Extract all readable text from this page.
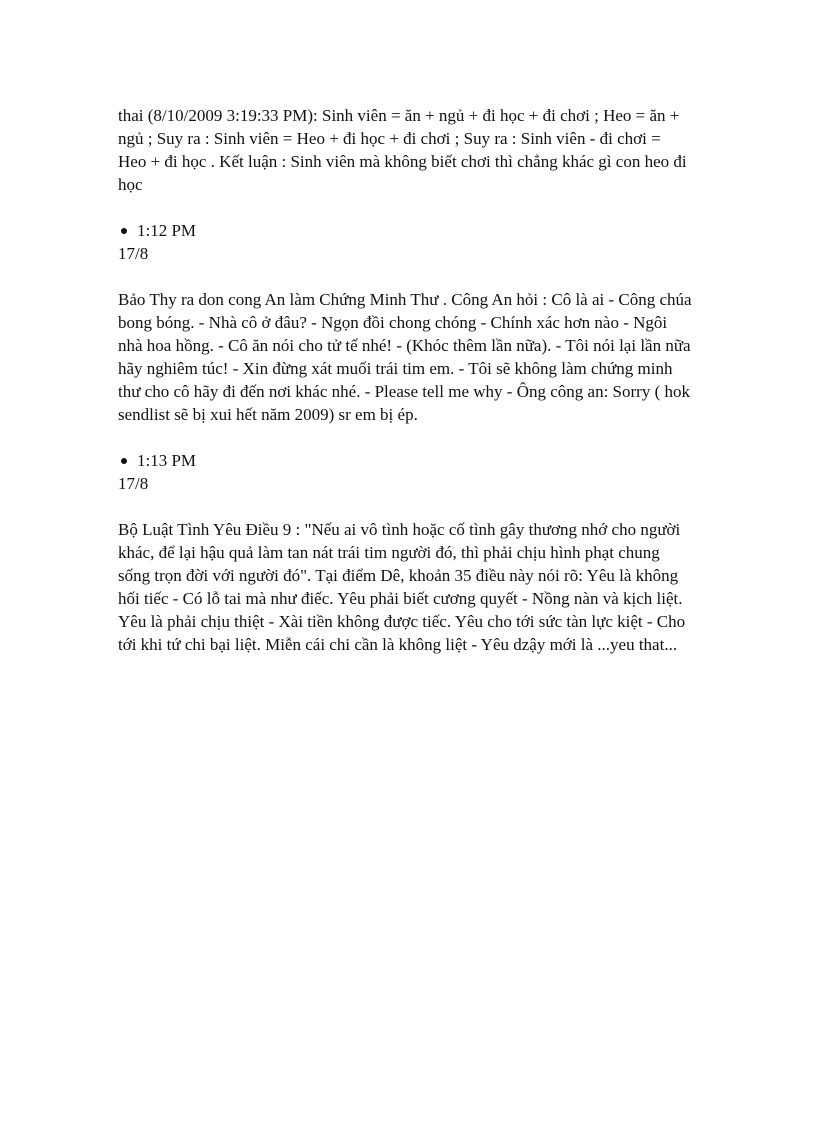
thai (8/10/2009 3:19:33 PM): Sinh viên = ăn + ngủ + đi học + đi chơi ; Heo = ăn + ngủ ; Suy ra : Sinh viên = Heo + đi học + đi chơi ; Suy ra : Sinh viên - đi chơi = Heo + đi học . Kết luận : Sinh viên mà không biết chơi thì chẳng khác gì con heo đi học

1:12 PM

17/8

Bảo Thy ra don cong An làm Chứng Minh Thư . Công An hỏi : Cô là ai - Công chúa bong bóng. - Nhà cô ở đâu? - Ngọn đồi chong chóng - Chính xác hơn nào - Ngôi nhà hoa hồng. - Cô ăn nói cho tử tế nhé! - (Khóc thêm lần nữa). - Tôi nói lại lần nữa hãy nghiêm túc! - Xin đừng xát muối trái tim em. - Tôi sẽ không làm chứng minh thư cho cô hãy đi đến nơi khác nhé. - Please tell me why - Ông công an: Sorry ( hok sendlist sẽ bị xui hết năm 2009) sr em bị ép.

1:13 PM

17/8

Bộ Luật Tình Yêu Điều 9 : "Nếu ai vô tình hoặc cố tình gây thương nhớ cho người khác, để lại hậu quả làm tan nát trái tim người đó, thì phải chịu hình phạt chung sống trọn đời với người đó". Tại điểm Dê, khoản 35 điều này nói rõ: Yêu là không hối tiếc - Có lỗ tai mà như điếc. Yêu phải biết cương quyết - Nồng nàn và kịch liệt. Yêu là phải chịu thiệt - Xài tiền không được tiếc. Yêu cho tới sức tàn lực kiệt - Cho tới khi tứ chi bại liệt. Miễn cái chi cần là không liệt - Yêu dzậy mới là ...yeu that...
